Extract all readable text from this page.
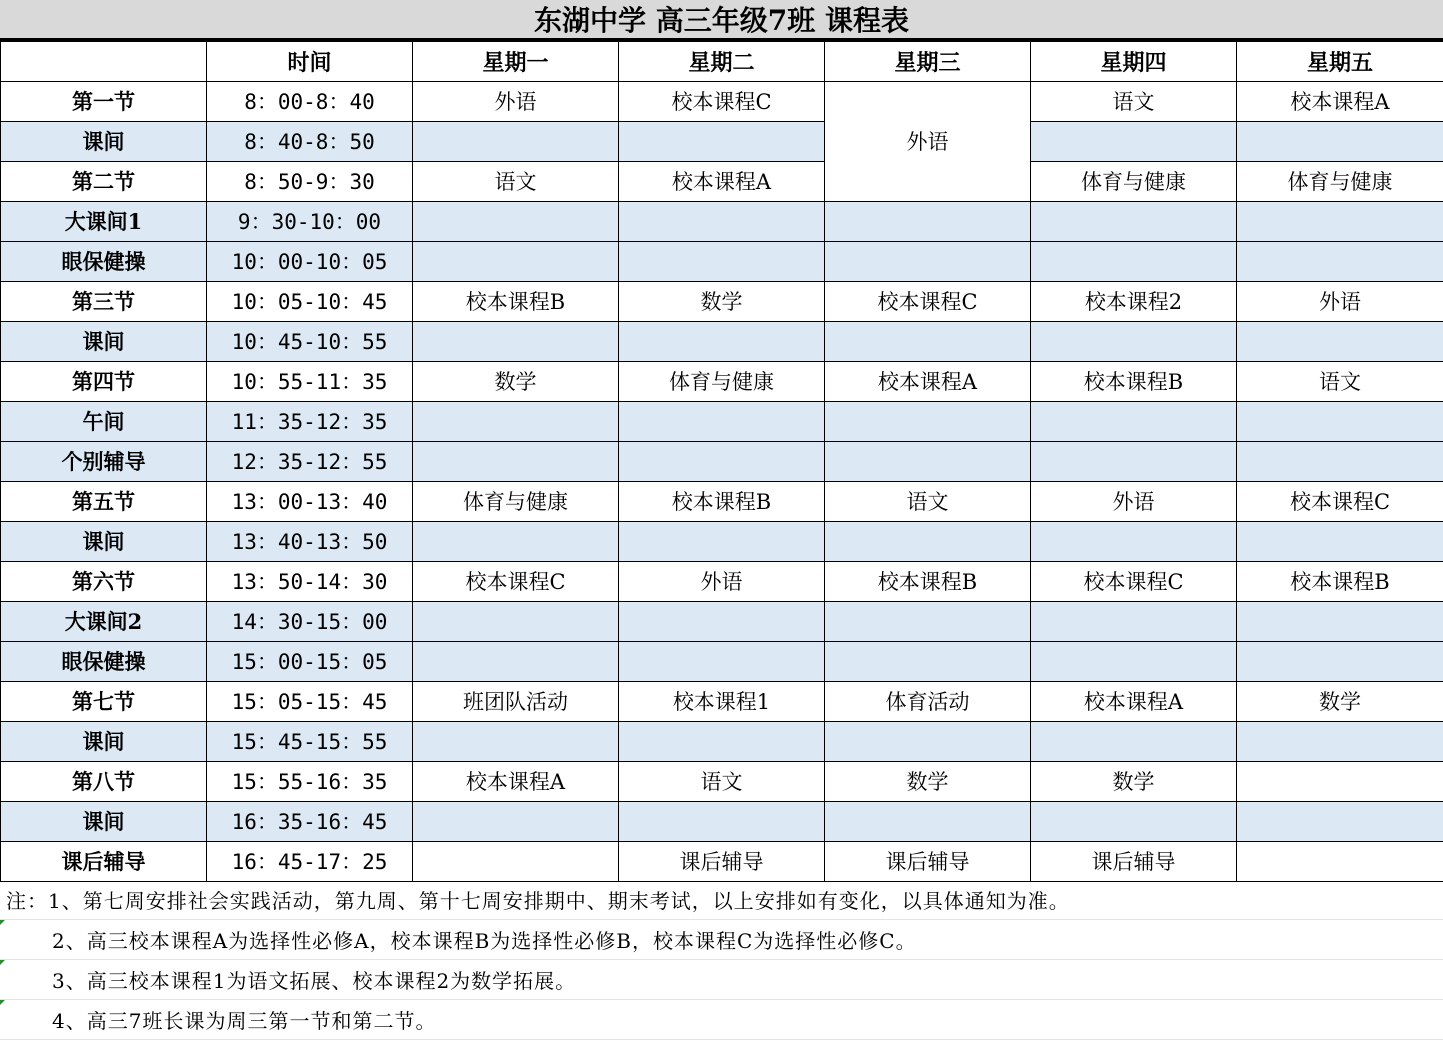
东湖中学 高三年级7班 课程表
	时间	星期一	星期二	星期三	星期四	星期五
第一节	8：00-8：40	外语	校本课程C	外语	语文	校本课程A
课间	8：40-8：50					
第二节	8：50-9：30	语文	校本课程A		体育与健康	体育与健康
大课间1	9：30-10：00					
眼保健操	10：00-10：05					
第三节	10：05-10：45	校本课程B	数学	校本课程C	校本课程2	外语
课间	10：45-10：55					
第四节	10：55-11：35	数学	体育与健康	校本课程A	校本课程B	语文
午间	11：35-12：35					
个别辅导	12：35-12：55					
第五节	13：00-13：40	体育与健康	校本课程B	语文	外语	校本课程C
课间	13：40-13：50					
第六节	13：50-14：30	校本课程C	外语	校本课程B	校本课程C	校本课程B
大课间2	14：30-15：00					
眼保健操	15：00-15：05					
第七节	15：05-15：45	班团队活动	校本课程1	体育活动	校本课程A	数学
课间	15：45-15：55					
第八节	15：55-16：35	校本课程A	语文	数学	数学	
课间	16：35-16：45					
课后辅导	16：45-17：25		课后辅导	课后辅导	课后辅导	
注：1、第七周安排社会实践活动，第九周、第十七周安排期中、期末考试，以上安排如有变化，以具体通知为准。
2、高三校本课程A为选择性必修A，校本课程B为选择性必修B，校本课程C为选择性必修C。
3、高三校本课程1为语文拓展、校本课程2为数学拓展。
4、高三7班长课为周三第一节和第二节。
